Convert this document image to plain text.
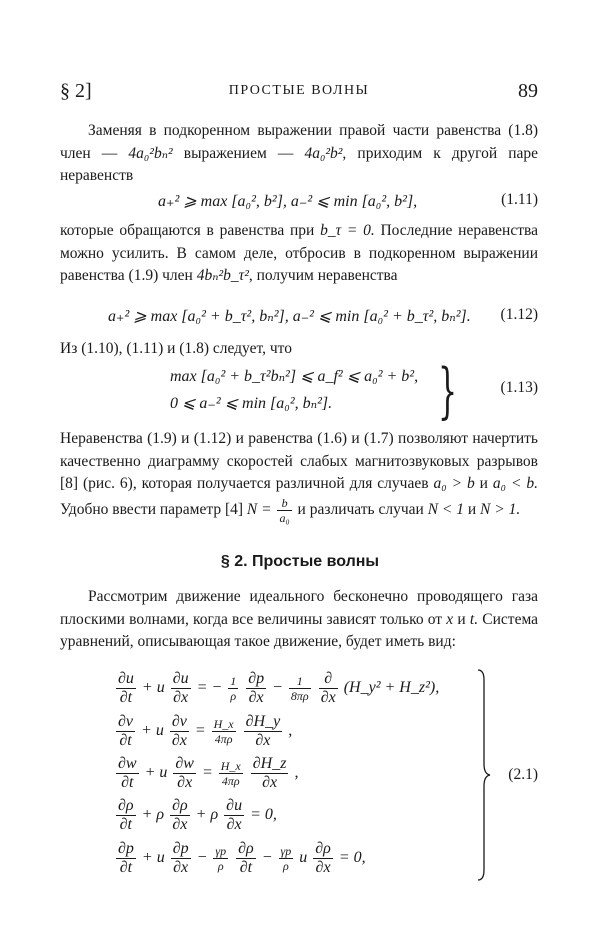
§ 2]	ПРОСТЫЕ ВОЛНЫ	89
Заменяя в подкоренном выражении правой части равенства (1.8) член — 4a₀²bₙ² выражением — 4a₀²b², приходим к другой паре неравенств
a₊² ⩾ max [a₀², b²], a₋² ⩽ min [a₀², b²],	(1.11)
которые обращаются в равенства при b_τ = 0. Последние неравенства можно усилить. В самом деле, отбросив в подкоренном выражении равенства (1.9) член 4bₙ²b_τ², получим неравенства
a₊² ⩾ max [a₀² + b_τ², bₙ²], a₋² ⩽ min [a₀² + b_τ², bₙ²]. (1.12)
Из (1.10), (1.11) и (1.8) следует, что
max [a₀² + b_τ²bₙ²] ⩽ a_f² ⩽ a₀² + b²,
0 ⩽ a₋² ⩽ min [a₀², bₙ²]. }	(1.13)
Неравенства (1.9) и (1.12) и равенства (1.6) и (1.7) позволяют начертить качественно диаграмму скоростей слабых магнитозвуковых разрывов [8] (рис. 6), которая получается различной для случаев a₀ > b и a₀ < b. Удобно ввести параметр [4] $N = \frac{b}{\text{a₀}}$ и различать случаи N < 1 и N > 1.
§ 2. Простые волны
Рассмотрим движение идеального бесконечно проводящего газа плоскими волнами, когда все величины зависят только от x и t. Система уравнений, описывающая такое движение, будет иметь вид:
$\frac{\partial u}{\partial t} + u \frac{\partial u}{\partial x}$ = − $\frac{1}{\rho}$
$\frac{\partial p}{\partial x} - \frac{1}{8\pi\rho}$
$\frac{\partial}{\partial x}$ (H_y² + H_z²),
$\frac{\partial v}{\partial t} + u \frac{\partial v}{\partial x} = \frac{H\_x}{4\pi\rho}$
$\frac{\partial H\_y}{\partial x}$ ,
$\frac{\partial w}{\partial t} + u \frac{\partial w}{\partial x} = \frac{H\_x}{4\pi\rho}$
$\frac{\partial H\_z}{\partial x}$ ,
$\frac{\partial\rho}{\partial t} + \rho \frac{\partial\rho}{\partial x} + \rho \frac{\partial u}{\partial x} = 0$,
$\frac{\partial p}{\partial t} + u \frac{\partial p}{\partial x} - \frac{\gamma p}{\rho}$
$\frac{\partial\rho}{\partial t} - \frac{\gamma p}{\rho}$ u $\frac{\partial\rho}{\partial x} = 0$,
(2.1)
